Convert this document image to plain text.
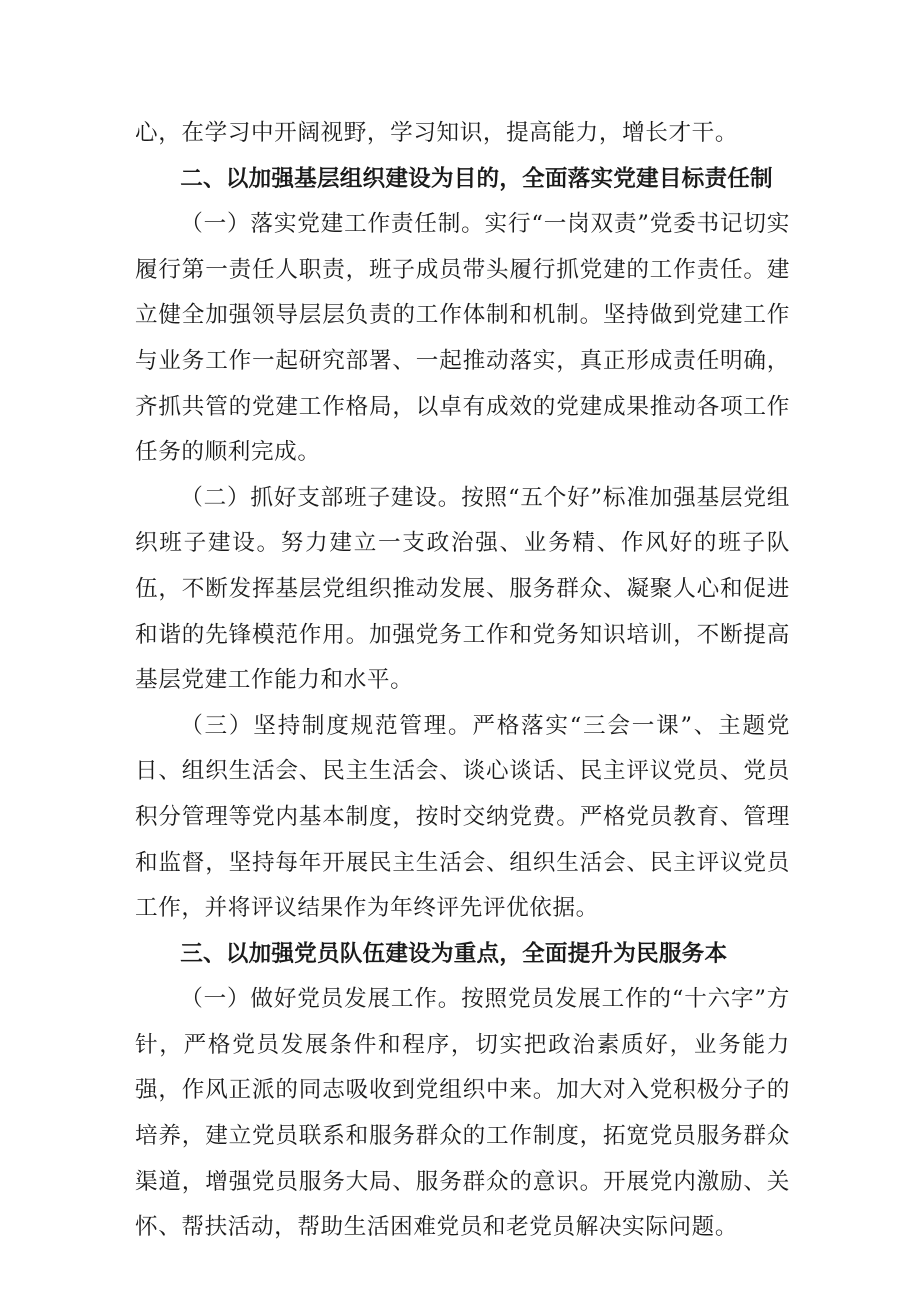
心，在学习中开阔视野，学习知识，提高能力，增长才干。

二、以加强基层组织建设为目的，全面落实党建目标责任制

（一）落实党建工作责任制。实行“一岗双责”党委书记切实履行第一责任人职责，班子成员带头履行抓党建的工作责任。建立健全加强领导层层负责的工作体制和机制。坚持做到党建工作与业务工作一起研究部署、一起推动落实，真正形成责任明确，齐抓共管的党建工作格局，以卓有成效的党建成果推动各项工作任务的顺利完成。

（二）抓好支部班子建设。按照“五个好”标准加强基层党组织班子建设。努力建立一支政治强、业务精、作风好的班子队伍，不断发挥基层党组织推动发展、服务群众、凝聚人心和促进和谐的先锋模范作用。加强党务工作和党务知识培训，不断提高基层党建工作能力和水平。

（三）坚持制度规范管理。严格落实“三会一课”、主题党日、组织生活会、民主生活会、谈心谈话、民主评议党员、党员积分管理等党内基本制度，按时交纳党费。严格党员教育、管理和监督，坚持每年开展民主生活会、组织生活会、民主评议党员工作，并将评议结果作为年终评先评优依据。

三、以加强党员队伍建设为重点，全面提升为民服务本

（一）做好党员发展工作。按照党员发展工作的“十六字”方针，严格党员发展条件和程序，切实把政治素质好，业务能力强，作风正派的同志吸收到党组织中来。加大对入党积极分子的培养，建立党员联系和服务群众的工作制度，拓宽党员服务群众渠道，增强党员服务大局、服务群众的意识。开展党内激励、关怀、帮扶活动，帮助生活困难党员和老党员解决实际问题。
